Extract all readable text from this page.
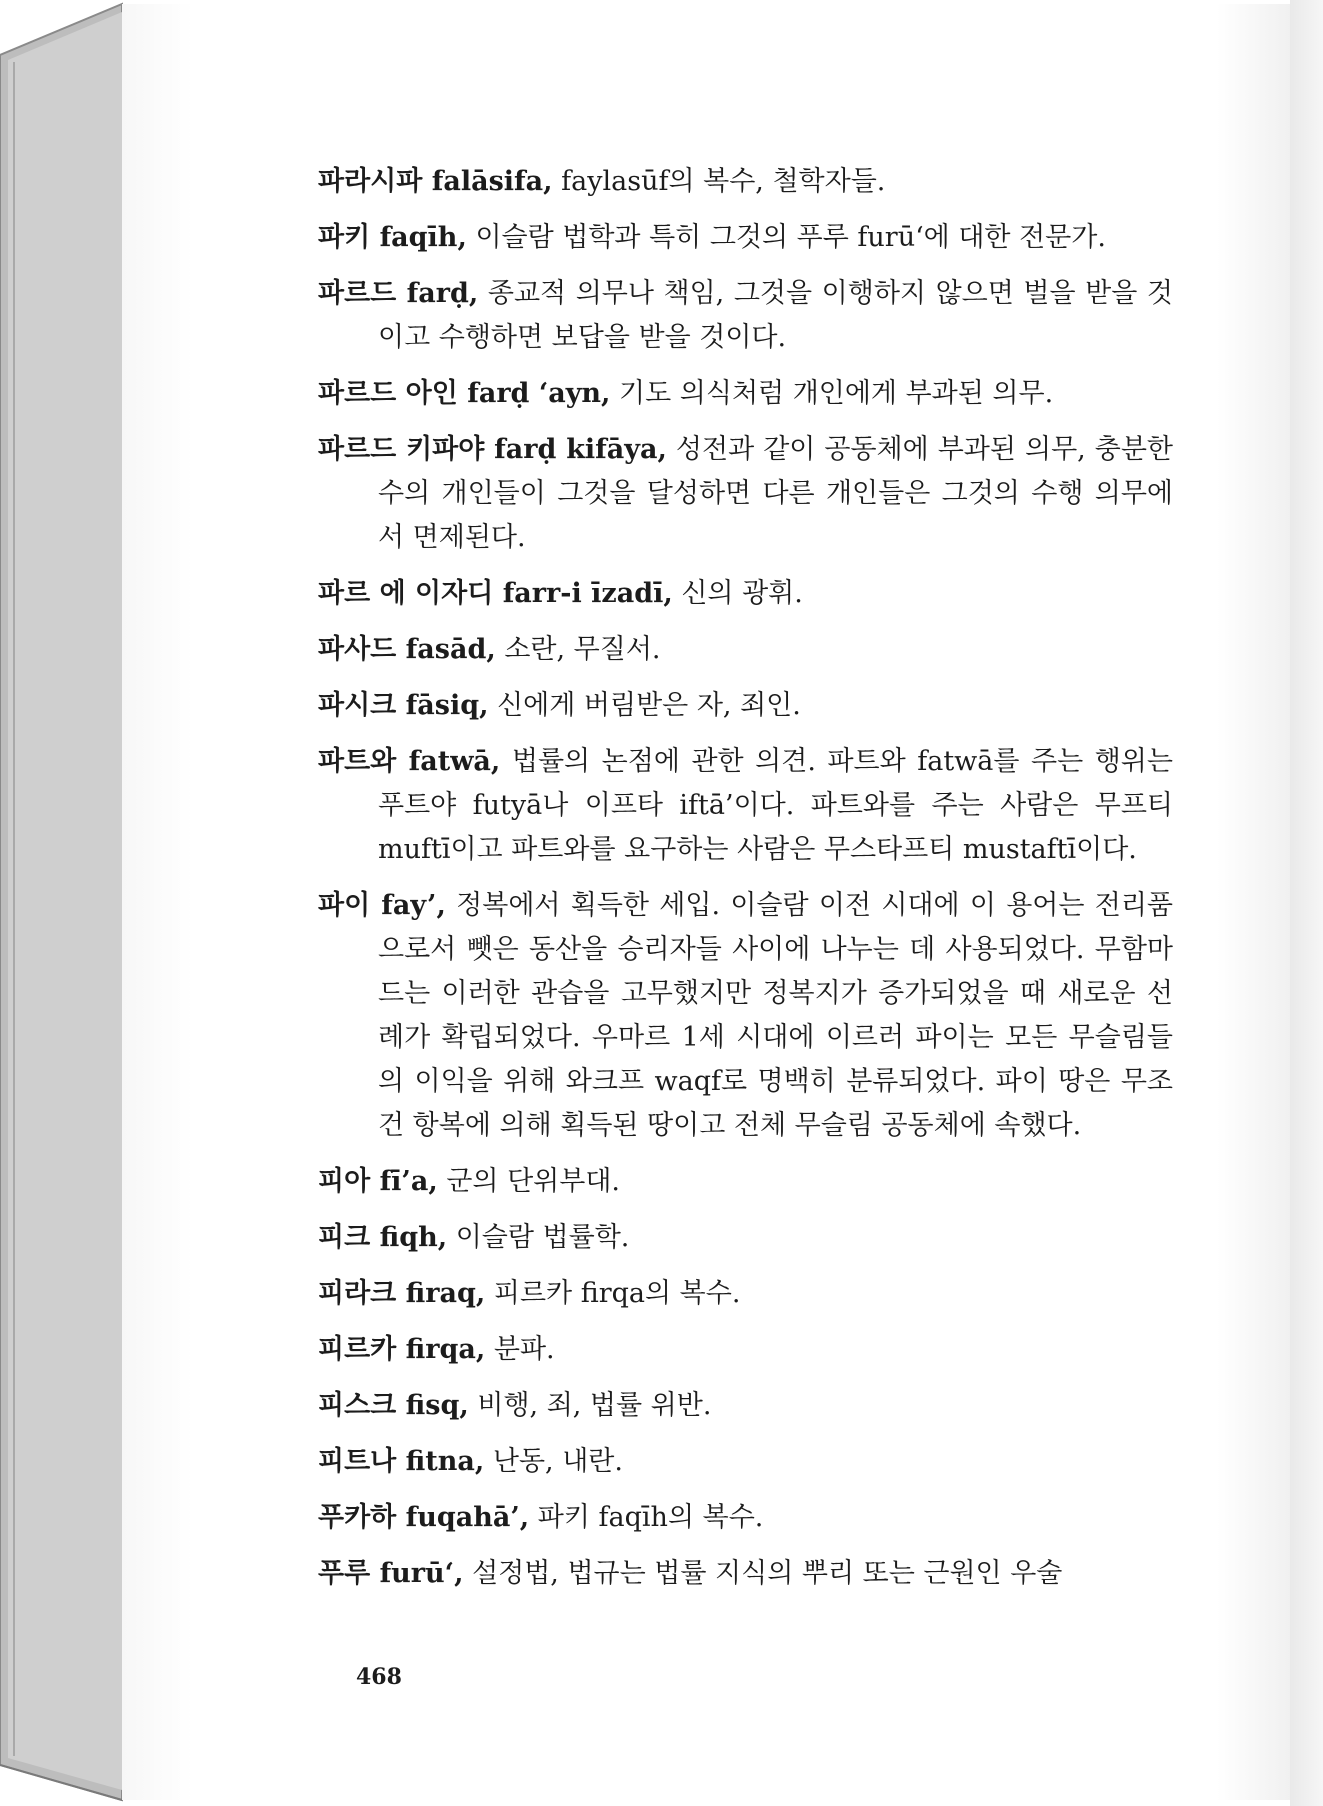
파라시파 falāsifa, faylasūf의 복수, 철학자들.

파키 faqīh, 이슬람 법학과 특히 그것의 푸루 furū‘에 대한 전문가.

파르드 farḍ, 종교적 의무나 책임, 그것을 이행하지 않으면 벌을 받을 것이고 수행하면 보답을 받을 것이다.

파르드 아인 farḍ ‘ayn, 기도 의식처럼 개인에게 부과된 의무.

파르드 키파야 farḍ kifāya, 성전과 같이 공동체에 부과된 의무, 충분한 수의 개인들이 그것을 달성하면 다른 개인들은 그것의 수행 의무에서 면제된다.

파르 에 이자디 farr-i īzadī, 신의 광휘.

파사드 fasād, 소란, 무질서.

파시크 fāsiq, 신에게 버림받은 자, 죄인.

파트와 fatwā, 법률의 논점에 관한 의견. 파트와 fatwā를 주는 행위는 푸트야 futyā나 이프타 iftā’이다. 파트와를 주는 사람은 무프티 muftī이고 파트와를 요구하는 사람은 무스타프티 mustaftī이다.

파이 fay’, 정복에서 획득한 세입. 이슬람 이전 시대에 이 용어는 전리품으로서 뺏은 동산을 승리자들 사이에 나누는 데 사용되었다. 무함마드는 이러한 관습을 고무했지만 정복지가 증가되었을 때 새로운 선례가 확립되었다. 우마르 1세 시대에 이르러 파이는 모든 무슬림들의 이익을 위해 와크프 waqf로 명백히 분류되었다. 파이 땅은 무조건 항복에 의해 획득된 땅이고 전체 무슬림 공동체에 속했다.

피아 fī’a, 군의 단위부대.

피크 fiqh, 이슬람 법률학.

피라크 firaq, 피르카 firqa의 복수.

피르카 firqa, 분파.

피스크 fisq, 비행, 죄, 법률 위반.

피트나 fitna, 난동, 내란.

푸카하 fuqahā’, 파키 faqīh의 복수.

푸루 furū‘, 설정법, 법규는 법률 지식의 뿌리 또는 근원인 우술

468
